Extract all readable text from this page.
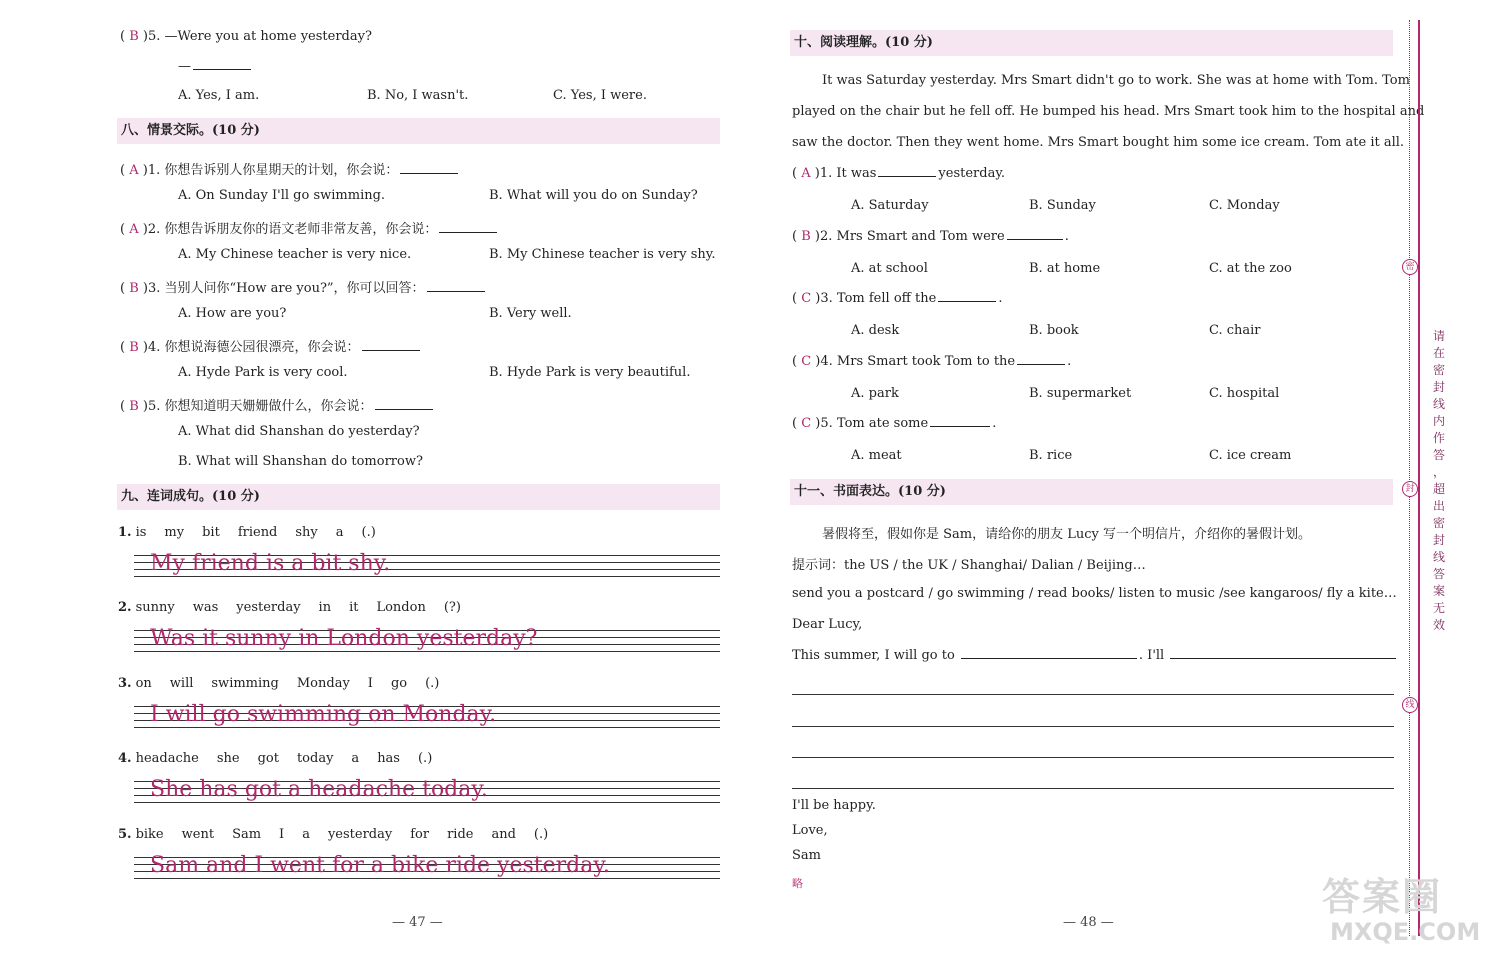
( B )5. —Were you at home yesterday?
—
A. Yes, I am.	B. No, I wasn't.	C. Yes, I were.
八、情景交际。(10 分)
( A )1. 你想告诉别人你星期天的计划，你会说：
A. On Sunday I'll go swimming.	B. What will you do on Sunday?
( A )2. 你想告诉朋友你的语文老师非常友善，你会说：
A. My Chinese teacher is very nice.	B. My Chinese teacher is very shy.
( B )3. 当别人问你“How are you?”，你可以回答：
A. How are you?	B. Very well.
( B )4. 你想说海德公园很漂亮，你会说：
A. Hyde Park is very cool.	B. Hyde Park is very beautiful.
( B )5. 你想知道明天姗姗做什么，你会说：
A. What did Shanshan do yesterday?
B. What will Shanshan do tomorrow?
九、连词成句。(10 分)
1. is my bit friend shy a (.)
My friend is a bit shy.
2. sunny was yesterday in it London (?)
Was it sunny in London yesterday?
3. on will swimming Monday I go (.)
I will go swimming on Monday.
4. headache she got today a has (.)
She has got a headache today.
5. bike went Sam I a yesterday for ride and (.)
Sam and I went for a bike ride yesterday.
— 47 —
十、阅读理解。(10 分)
It was Saturday yesterday. Mrs Smart didn't go to work. She was at home with Tom. Tom
played on the chair but he fell off. He bumped his head. Mrs Smart took him to the hospital and
saw the doctor. Then they went home. Mrs Smart bought him some ice cream. Tom ate it all.
( A )1. It was	yesterday.
A. Saturday	B. Sunday	C. Monday
( B )2. Mrs Smart and Tom were	.
A. at school	B. at home	C. at the zoo
( C )3. Tom fell off the	.
A. desk	B. book	C. chair
( C )4. Mrs Smart took Tom to the	.
A. park	B. supermarket	C. hospital
( C )5. Tom ate some	.
A. meat	B. rice	C. ice cream
十一、书面表达。(10 分)
暑假将至，假如你是 Sam，请给你的朋友 Lucy 写一个明信片，介绍你的暑假计划。
提示词：the US / the UK / Shanghai/ Dalian / Beijing…
send you a postcard / go swimming / read books/ listen to music /see kangaroos/ fly a kite…
Dear Lucy,
This summer, I will go to	. I'll
I'll be happy.
Love,
Sam
略
— 48 —
密
封
线
请
在
密
封
线
内
作
答
，
超
出
密
封
线
答
案
无
效
答案圈
MXQE.COM
